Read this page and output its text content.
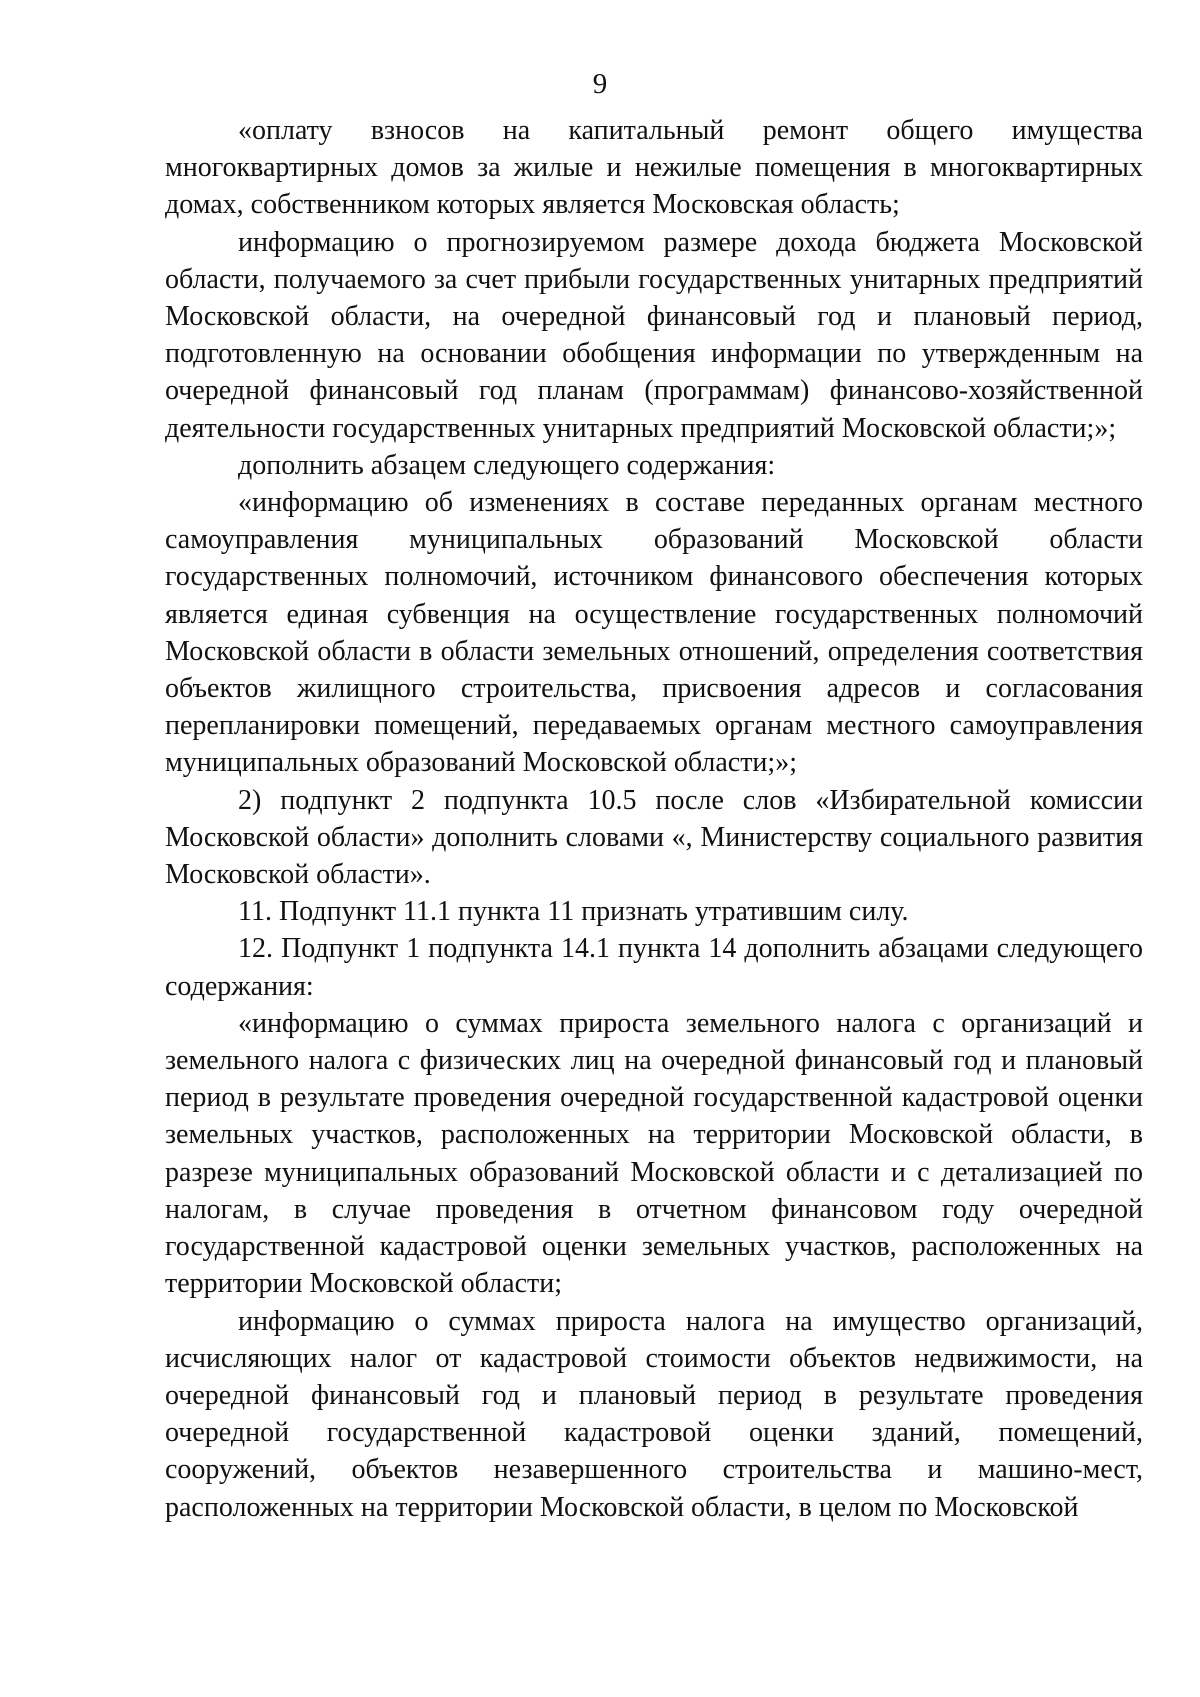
9

«оплату взносов на капитальный ремонт общего имущества многоквартирных домов за жилые и нежилые помещения в многоквартирных домах, собственником которых является Московская область;

информацию о прогнозируемом размере дохода бюджета Московской области, получаемого за счет прибыли государственных унитарных предприятий Московской области, на очередной финансовый год и плановый период, подготовленную на основании обобщения информации по утвержденным на очередной финансовый год планам (программам) финансово-хозяйственной деятельности государственных унитарных предприятий Московской области;»;

дополнить абзацем следующего содержания:

«информацию об изменениях в составе переданных органам местного самоуправления муниципальных образований Московской области государственных полномочий, источником финансового обеспечения которых является единая субвенция на осуществление государственных полномочий Московской области в области земельных отношений, определения соответствия объектов жилищного строительства, присвоения адресов и согласования перепланировки помещений, передаваемых органам местного самоуправления муниципальных образований Московской области;»;

2) подпункт 2 подпункта 10.5 после слов «Избирательной комиссии Московской области» дополнить словами «, Министерству социального развития Московской области».

11. Подпункт 11.1 пункта 11 признать утратившим силу.

12. Подпункт 1 подпункта 14.1 пункта 14 дополнить абзацами следующего содержания:

«информацию о суммах прироста земельного налога с организаций и земельного налога с физических лиц на очередной финансовый год и плановый период в результате проведения очередной государственной кадастровой оценки земельных участков, расположенных на территории Московской области, в разрезе муниципальных образований Московской области и с детализацией по налогам, в случае проведения в отчетном финансовом году очередной государственной кадастровой оценки земельных участков, расположенных на территории Московской области;

информацию о суммах прироста налога на имущество организаций, исчисляющих налог от кадастровой стоимости объектов недвижимости, на очередной финансовый год и плановый период в результате проведения очередной государственной кадастровой оценки зданий, помещений, сооружений, объектов незавершенного строительства и машино-мест, расположенных на территории Московской области, в целом по Московской
